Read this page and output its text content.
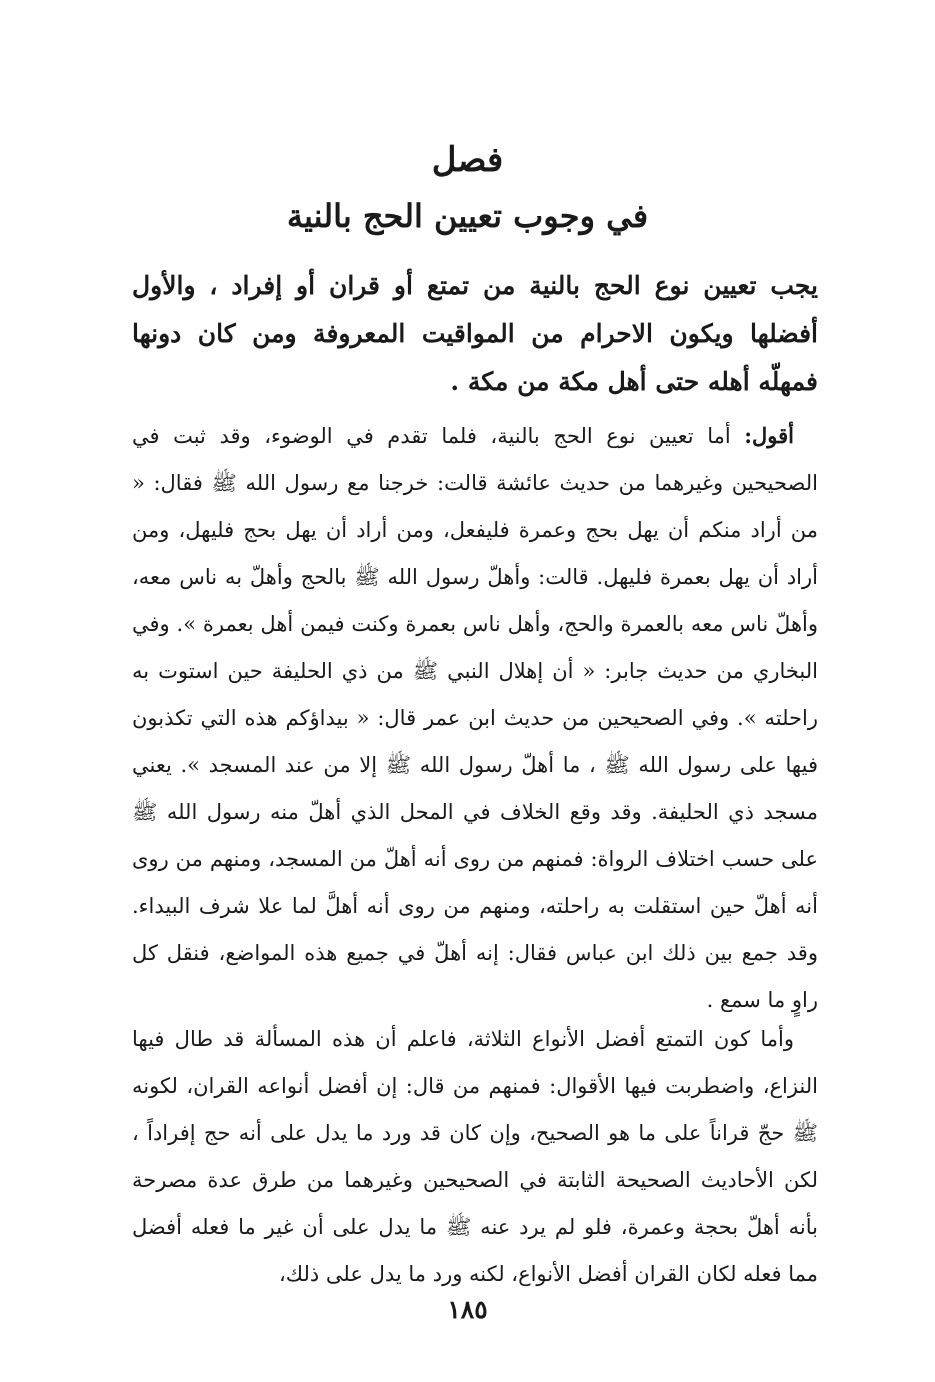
فصل
في وجوب تعيين الحج بالنية

يجب تعيين نوع الحج بالنية من تمتع أو قران أو إفراد ، والأول أفضلها ويكون الاحرام من المواقيت المعروفة ومن كان دونها فمهلّه أهله حتى أهل مكة من مكة .

أقول: أما تعيين نوع الحج بالنية، فلما تقدم في الوضوء، وقد ثبت في الصحيحين وغيرهما من حديث عائشة قالت: خرجنا مع رسول الله ﷺ فقال: « من أراد منكم أن يهل بحج وعمرة فليفعل، ومن أراد أن يهل بحج فليهل، ومن أراد أن يهل بعمرة فليهل. قالت: وأهلّ رسول الله ﷺ بالحج وأهلّ به ناس معه، وأهلّ ناس معه بالعمرة والحج، وأهل ناس بعمرة وكنت فيمن أهل بعمرة ». وفي البخاري من حديث جابر: « أن إهلال النبي ﷺ من ذي الحليفة حين استوت به راحلته ». وفي الصحيحين من حديث ابن عمر قال: « بيداؤكم هذه التي تكذبون فيها على رسول الله ﷺ ، ما أهلّ رسول الله ﷺ إلا من عند المسجد ». يعني مسجد ذي الحليفة. وقد وقع الخلاف في المحل الذي أهلّ منه رسول الله ﷺ على حسب اختلاف الرواة: فمنهم من روى أنه أهلّ من المسجد، ومنهم من روى أنه أهلّ حين استقلت به راحلته، ومنهم من روى أنه أهلَّ لما علا شرف البيداء. وقد جمع بين ذلك ابن عباس فقال: إنه أهلّ في جميع هذه المواضع، فنقل كل راوٍ ما سمع .

وأما كون التمتع أفضل الأنواع الثلاثة، فاعلم أن هذه المسألة قد طال فيها النزاع، واضطربت فيها الأقوال: فمنهم من قال: إن أفضل أنواعه القران، لكونه ﷺ حجّ قراناً على ما هو الصحيح، وإن كان قد ورد ما يدل على أنه حج إفراداً ، لكن الأحاديث الصحيحة الثابتة في الصحيحين وغيرهما من طرق عدة مصرحة بأنه أهلّ بحجة وعمرة، فلو لم يرد عنه ﷺ ما يدل على أن غير ما فعله أفضل مما فعله لكان القران أفضل الأنواع، لكنه ورد ما يدل على ذلك،

١٨٥
